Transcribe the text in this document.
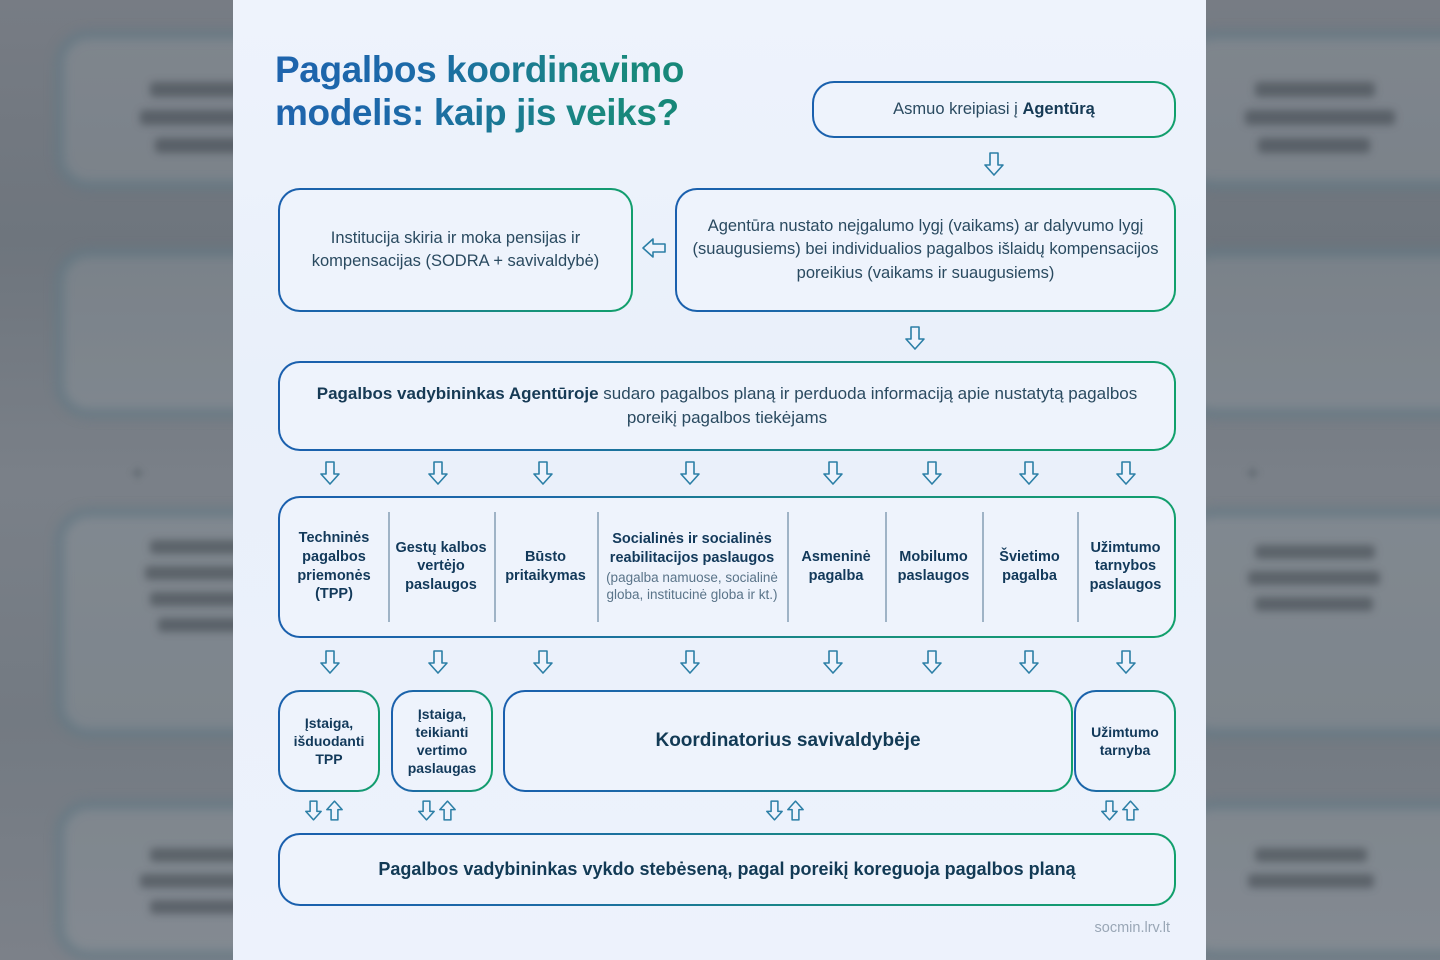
+	+
Pagalbos koordinavimo modelis: kaip jis veiks?	Asmuo kreipiasi į Agentūrą
Institucija skiria ir moka pensijas ir kompensacijas (SODRA + savivaldybė)
Agentūra nustato neįgalumo lygį (vaikams) ar dalyvumo lygį (suaugusiems) bei individualios pagalbos išlaidų kompensacijos poreikius (vaikams ir suaugusiems)
Pagalbos vadybininkas Agentūroje sudaro pagalbos planą ir perduoda informaciją apie nustatytą pagalbos poreikį pagalbos tiekėjams
Techninės pagalbos priemonės (TPP)
Gestų kalbos vertėjo paslaugos
Būsto pritaikymas
Socialinės ir socialinės reabilitacijos paslaugos
(pagalba namuose, socialinė globa, institucinė globa ir kt.)
Asmeninė pagalba
Mobilumo paslaugos
Švietimo pagalba
Užimtumo tarnybos paslaugos
Įstaiga, išduodanti TPP
Įstaiga, teikianti vertimo paslaugas
Koordinatorius savivaldybėje	Užimtumo tarnyba
Pagalbos vadybininkas vykdo stebėseną, pagal poreikį koreguoja pagalbos planą
socmin.lrv.lt
